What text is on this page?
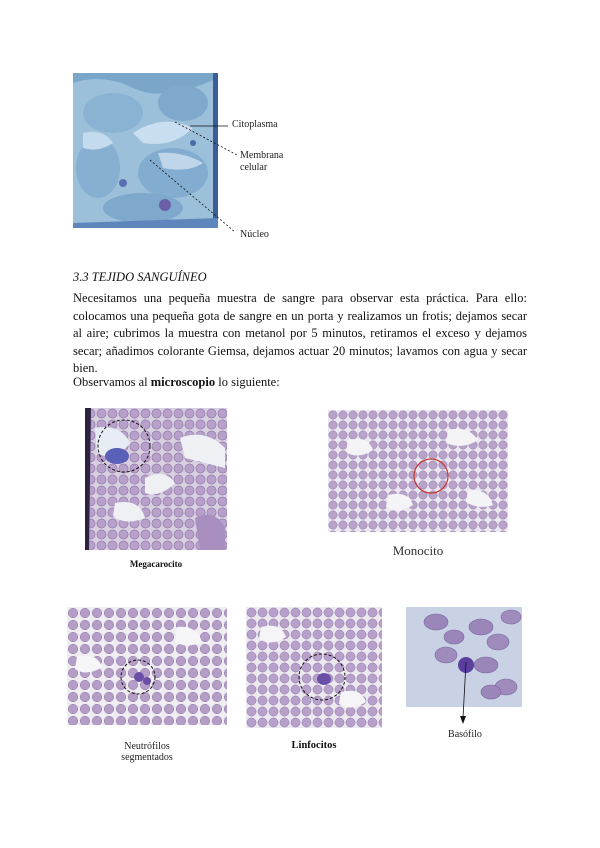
Citoplasma
Membrana
celular
Núcleo
3.3 TEJIDO SANGUÍNEO
Necesitamos una pequeña muestra de sangre para observar esta práctica. Para ello: colocamos una pequeña gota de sangre en un porta y realizamos un frotis; dejamos secar al aire; cubrimos la muestra con metanol por 5 minutos, retiramos el exceso y dejamos secar; añadimos colorante Giemsa, dejamos actuar 20 minutos; lavamos con agua y secar bien.
Observamos al microscopio lo siguiente:
Megacarocito
Monocito
Neutrófilos
segmentados
Linfocitos
Basófilo
